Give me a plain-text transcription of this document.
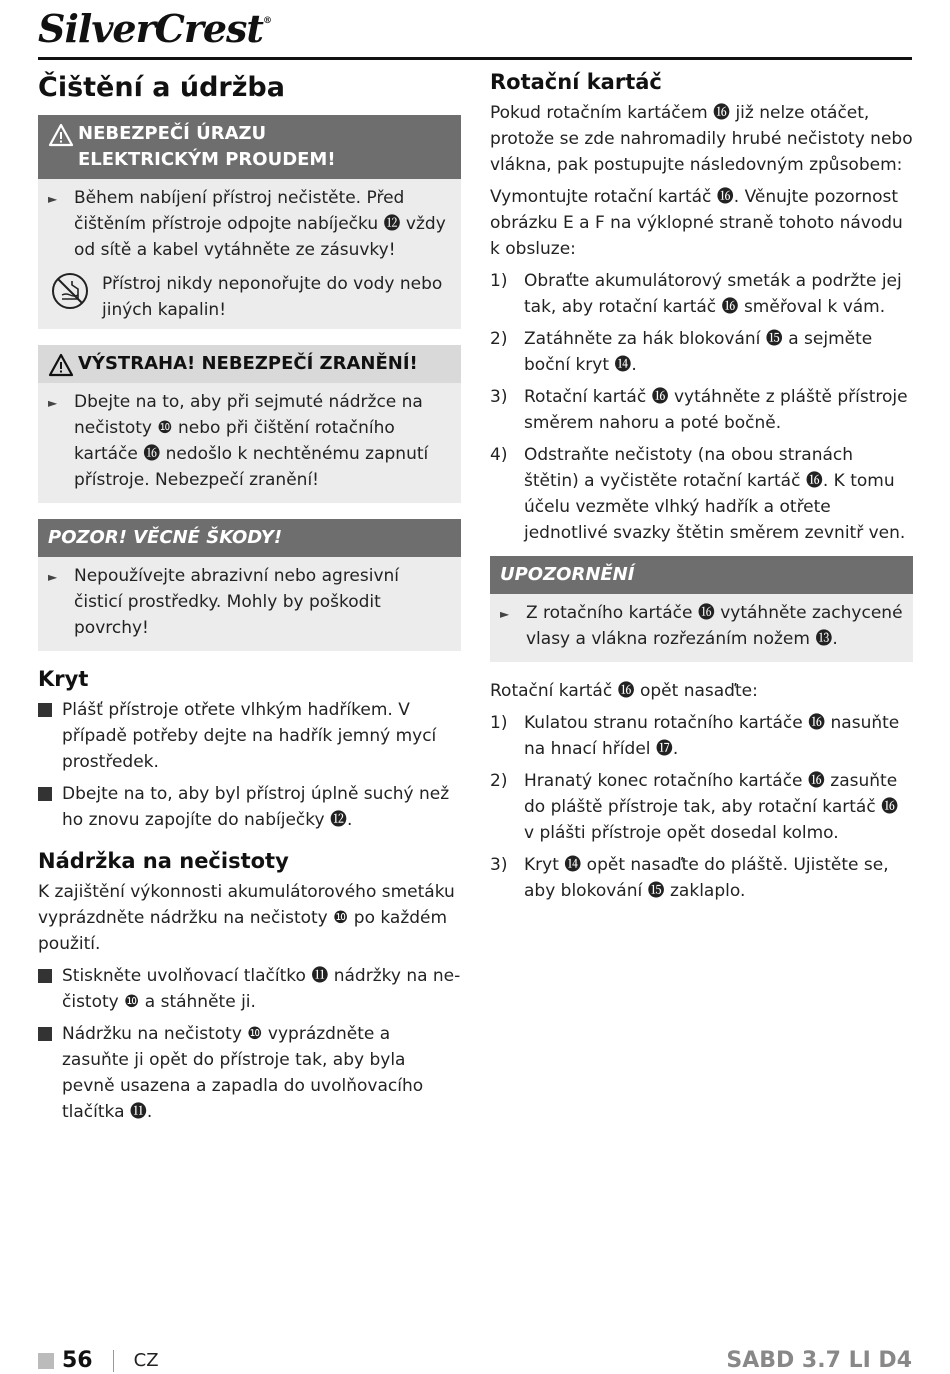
SilverCrest®
Čištění a údržba
NEBEZPEČÍ ÚRAZU
ELEKTRICKÝM PROUDEM!
► Během nabíjení přístroj nečistěte. Před čištěním přístroje odpojte nabíječku ⓬ vždy od sítě a kabel vytáhněte ze zásuvky!
Přístroj nikdy neponořujte do vody nebo jiných kapalin!
VÝSTRAHA! NEBEZPEČÍ ZRANĚNÍ!
► Dbejte na to, aby při sejmuté nádržce na nečistoty ❿ nebo při čištění rotačního kartáče ⓰ nedošlo k nechtěnému zapnutí přístroje. Nebezpečí zranění!
POZOR! VĚCNÉ ŠKODY!
► Nepoužívejte abrazivní nebo agresivní čisticí prostředky. Mohly by poškodit povrchy!
Kryt
Plášť přístroje otřete vlhkým hadříkem. V případě potřeby dejte na hadřík jemný mycí prostředek.
Dbejte na to, aby byl přístroj úplně suchý než ho znovu zapojíte do nabíječky ⓬.
Nádržka na nečistoty

K zajištění výkonnosti akumulátorového smetáku vyprázdněte nádržku na nečistoty ❿ po každém použití.

Stiskněte uvolňovací tlačítko ⓫ nádržky na nečistoty ❿ a stáhněte ji.
Nádržku na nečistoty ❿ vyprázdněte a zasuňte ji opět do přístroje tak, aby byla pevně usazena a zapadla do uvolňovacího tlačítka ⓫.
Rotační kartáč

Pokud rotačním kartáčem ⓰ již nelze otáčet, protože se zde nahromadily hrubé nečistoty nebo vlákna, pak postupujte následovným způsobem:

Vymontujte rotační kartáč ⓰. Věnujte pozornost obrázku E a F na výklopné straně tohoto návodu k obsluze:

1) Obraťte akumulátorový smeták a podržte jej tak, aby rotační kartáč ⓰ směřoval k vám.
2) Zatáhněte za hák blokování ⓯ a sejměte boční kryt ⓮.
3) Rotační kartáč ⓰ vytáhněte z pláště přístroje směrem nahoru a poté bočně.
4) Odstraňte nečistoty (na obou stranách štětin) a vyčistěte rotační kartáč ⓰. K tomu účelu vezměte vlhký hadřík a otřete jednotlivé svazky štětin směrem zevnitř ven.
UPOZORNĚNÍ
► Z rotačního kartáče ⓰ vytáhněte zachycené vlasy a vlákna rozřezáním nožem ⓭.

Rotační kartáč ⓰ opět nasaďte:

1) Kulatou stranu rotačního kartáče ⓰ nasuňte na hnací hřídel ⓱.
2) Hranatý konec rotačního kartáče ⓰ zasuňte do pláště přístroje tak, aby rotační kartáč ⓰ v plášti přístroje opět dosedal kolmo.
3) Kryt ⓮ opět nasaďte do pláště. Ujistěte se, aby blokování ⓯ zaklaplo.
56 CZ	SABD 3.7 LI D4
